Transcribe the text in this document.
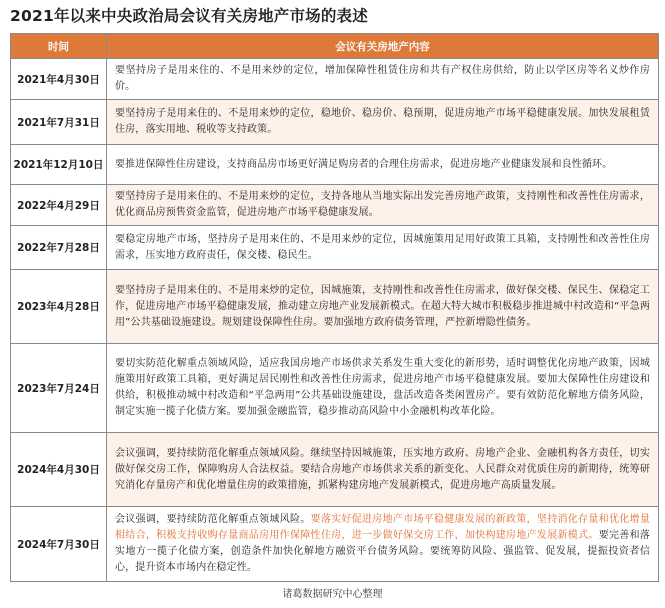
2021年以来中央政治局会议有关房地产市场的表述
时间	会议有关房地产内容
2021年4月30日	要坚持房子是用来住的、不是用来炒的定位，增加保障性租赁住房和共有产权住房供给，防止以学区房等名义炒作房价。
2021年7月31日	要坚持房子是用来住的、不是用来炒的定位，稳地价、稳房价、稳预期，促进房地产市场平稳健康发展。加快发展租赁住房，落实用地、税收等支持政策。
2021年12月10日	要推进保障性住房建设，支持商品房市场更好满足购房者的合理住房需求，促进房地产业健康发展和良性循环。
2022年4月29日	要坚持房子是用来住的、不是用来炒的定位，支持各地从当地实际出发完善房地产政策，支持刚性和改善性住房需求，优化商品房预售资金监管，促进房地产市场平稳健康发展。
2022年7月28日	要稳定房地产市场，坚持房子是用来住的、不是用来炒的定位，因城施策用足用好政策工具箱，支持刚性和改善性住房需求，压实地方政府责任，保交楼、稳民生。
2023年4月28日	要坚持房子是用来住的、不是用来炒的定位，因城施策，支持刚性和改善性住房需求，做好保交楼、保民生、保稳定工作，促进房地产市场平稳健康发展，推动建立房地产业发展新模式。在超大特大城市积极稳步推进城中村改造和“平急两用”公共基础设施建设。规划建设保障性住房。要加强地方政府债务管理，严控新增隐性债务。
2023年7月24日	要切实防范化解重点领域风险，适应我国房地产市场供求关系发生重大变化的新形势，适时调整优化房地产政策，因城施策用好政策工具箱，更好满足居民刚性和改善性住房需求，促进房地产市场平稳健康发展。要加大保障性住房建设和供给，积极推动城中村改造和“平急两用”公共基础设施建设，盘活改造各类闲置房产。要有效防范化解地方债务风险，制定实施一揽子化债方案。要加强金融监管，稳步推动高风险中小金融机构改革化险。
2024年4月30日	会议强调，要持续防范化解重点领域风险。继续坚持因城施策，压实地方政府、房地产企业、金融机构各方责任，切实做好保交房工作，保障购房人合法权益。要结合房地产市场供求关系的新变化、人民群众对优质住房的新期待，统筹研究消化存量房产和优化增量住房的政策措施，抓紧构建房地产发展新模式，促进房地产高质量发展。
2024年7月30日	会议强调，要持续防范化解重点领域风险。要落实好促进房地产市场平稳健康发展的新政策，坚持消化存量和优化增量相结合，积极支持收购存量商品房用作保障性住房，进一步做好保交房工作，加快构建房地产发展新模式。要完善和落实地方一揽子化债方案，创造条件加快化解地方融资平台债务风险。要统筹防风险、强监管、促发展，提振投资者信心，提升资本市场内在稳定性。
诸葛数据研究中心整理
